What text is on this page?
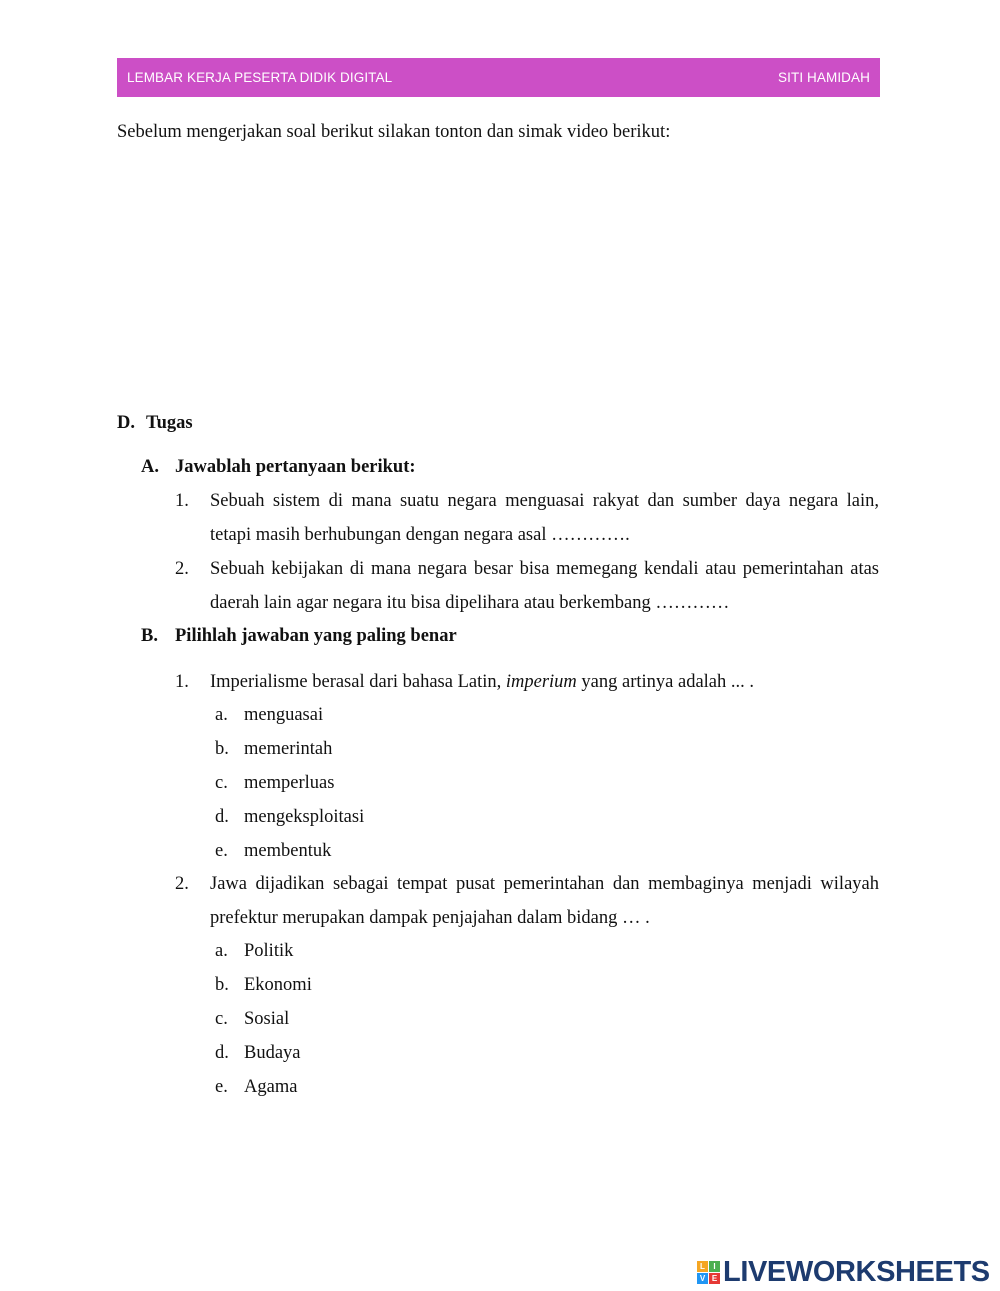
LEMBAR KERJA PESERTA DIDIK DIGITAL	SITI HAMIDAH
Sebelum mengerjakan soal berikut silakan tonton dan simak video berikut:
D. Tugas
A. Jawablah pertanyaan berikut:
1. Sebuah sistem di mana suatu negara menguasai rakyat dan sumber daya negara lain,
tetapi masih berhubungan dengan negara asal ………….
2. Sebuah kebijakan di mana negara besar bisa memegang kendali atau pemerintahan atas
daerah lain agar negara itu bisa dipelihara atau berkembang …………
B. Pilihlah jawaban yang paling benar
1. Imperialisme berasal dari bahasa Latin, imperium yang artinya adalah ... .
a. menguasai
b. memerintah
c. memperluas
d. mengeksploitasi
e. membentuk
2. Jawa dijadikan sebagai tempat pusat pemerintahan dan membaginya menjadi wilayah
prefektur merupakan dampak penjajahan dalam bidang … .
a. Politik
b. Ekonomi
c. Sosial
d. Budaya
e. Agama
L	I
V E LIVEWORKSHEETS
